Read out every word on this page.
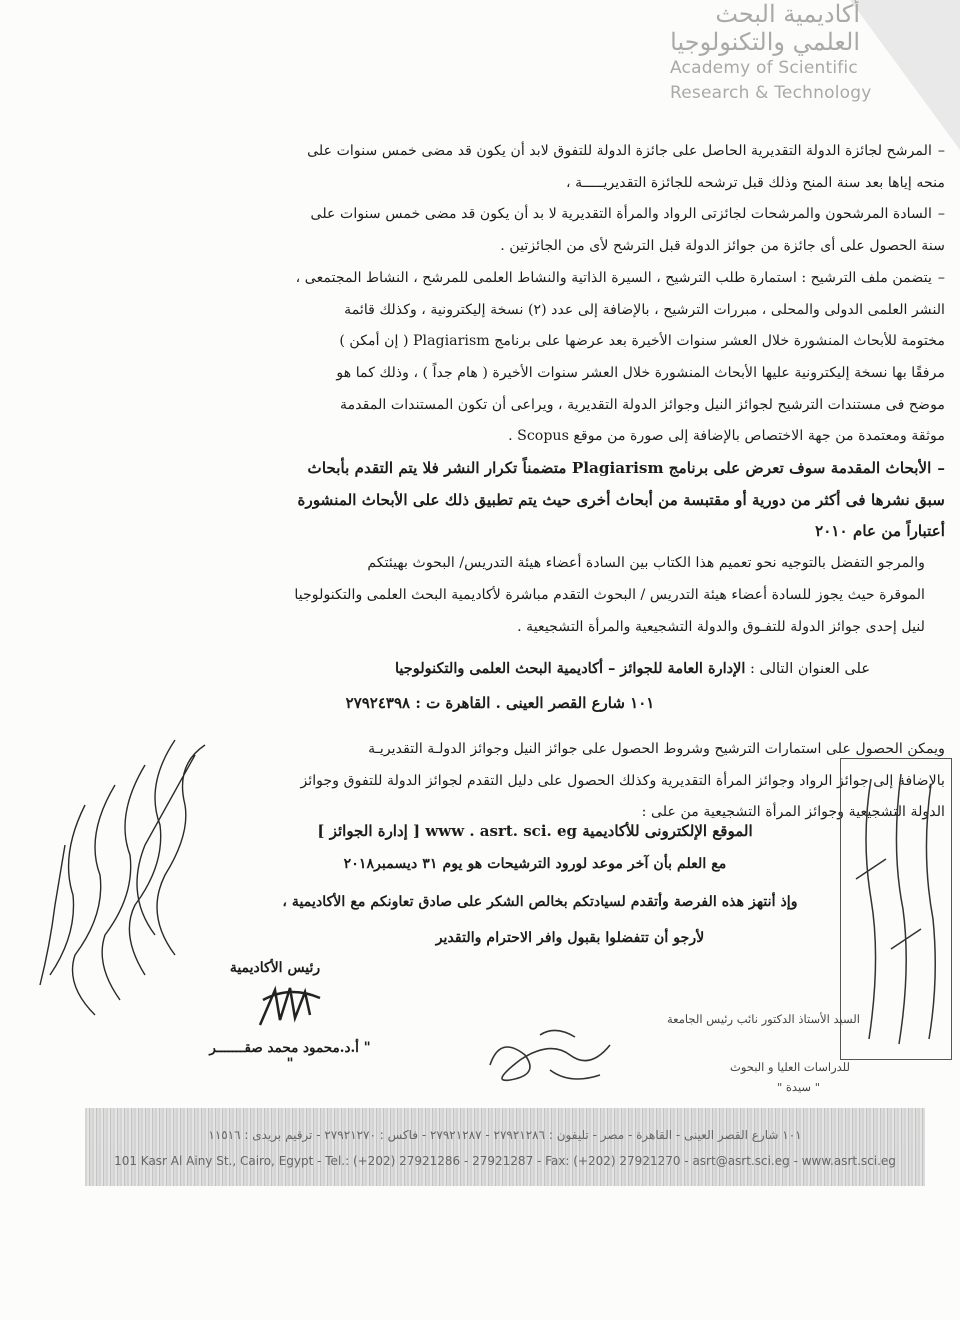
أكاديمية البحث
العلمي والتكنولوجيا
Academy of Scientific
Research & Technology

– المرشح لجائزة الدولة التقديرية الحاصل على جائزة الدولة للتفوق لابد أن يكون قد مضى خمس سنوات على
منحه إياها بعد سنة المنح وذلك قبل ترشحه للجائزة التقديريـــــة ،

– السادة المرشحون والمرشحات لجائزتى الرواد والمرأة التقديرية لا بد أن يكون قد مضى خمس سنوات على
سنة الحصول على أى جائزة من جوائز الدولة قبل الترشح لأى من الجائزتين .

– يتضمن ملف الترشيح : استمارة طلب الترشيح ، السيرة الذاتية والنشاط العلمى للمرشح ، النشاط المجتمعى ،
النشر العلمى الدولى والمحلى ، مبررات الترشيح ، بالإضافة إلى عدد (٢) نسخة إليكترونية ، وكذلك قائمة
مختومة للأبحاث المنشورة خلال العشر سنوات الأخيرة بعد عرضها على برنامج Plagiarism ( إن أمكن )
مرفقًا بها نسخة إليكترونية عليها الأبحاث المنشورة خلال العشر سنوات الأخيرة ( هام جداً ) ، وذلك كما هو
موضح فى مستندات الترشيح لجوائز النيل وجوائز الدولة التقديرية ، ويراعى أن تكون المستندات المقدمة
موثقة ومعتمدة من جهة الاختصاص بالإضافة إلى صورة من موقع Scopus .

– الأبحاث المقدمة سوف تعرض على برنامج Plagiarism متضمناً تكرار النشر فلا يتم التقدم بأبحاث
سبق نشرها فى أكثر من دورية أو مقتبسة من أبحاث أخرى حيث يتم تطبيق ذلك على الأبحاث المنشورة
أعتباراً من عام ٢٠١٠

والمرجو التفضل بالتوجيه نحو تعميم هذا الكتاب بين السادة أعضاء هيئة التدريس/ البحوث بهيئتكم
الموقرة حيث يجوز للسادة أعضاء هيئة التدريس / البحوث التقدم مباشرة لأكاديمية البحث العلمى والتكنولوجيا
لنيل إحدى جوائز الدولة للتفـوق والدولة التشجيعية والمرأة التشجيعية .

على العنوان التالى : الإدارة العامة للجوائز – أكاديمية البحث العلمى والتكنولوجيا
١٠١ شارع القصر العينى . القاهرة ت : ٢٧٩٢٤٣٩٨
ويمكن الحصول على استمارات الترشيح وشروط الحصول على جوائز النيل وجوائز الدولـة التقديريـة
بالإضافة إلى جوائز الرواد وجوائز المرأة التقديرية وكذلك الحصول على دليل التقدم لجوائز الدولة للتفوق وجوائز
الدولة التشجيعية وجوائز المرأة التشجيعية من على :
الموقع الإلكترونى للأكاديمية www . asrt. sci. eg [ إدارة الجوائز ]
مع العلم بأن آخر موعد لورود الترشيحات هو يوم ٣١ ديسمبر٢٠١٨
وإذ أنتهز هذه الفرصة وأتقدم لسيادتكم بخالص الشكر على صادق تعاونكم مع الأكاديمية ،
لأرجو أن تتفضلوا بقبول وافر الاحترام والتقدير
رئيس الأكاديمية
" أ.د.محمود محمد صقـــــــر "
السيد الأستاذ الدكتور نائب رئيس الجامعة
للدراسات العليا و البحوث
" سيدة "
١٠١ شارع القصر العينى - القاهرة - مصر - تليفون : ٢٧٩٢١٢٨٦ - ٢٧٩٢١٢٨٧ - فاكس : ٢٧٩٢١٢٧٠ - ترقيم بريدى : ١١٥١٦
101 Kasr Al Ainy St., Cairo, Egypt - Tel.: (+202) 27921286 - 27921287 - Fax: (+202) 27921270 - asrt@asrt.sci.eg - www.asrt.sci.eg
